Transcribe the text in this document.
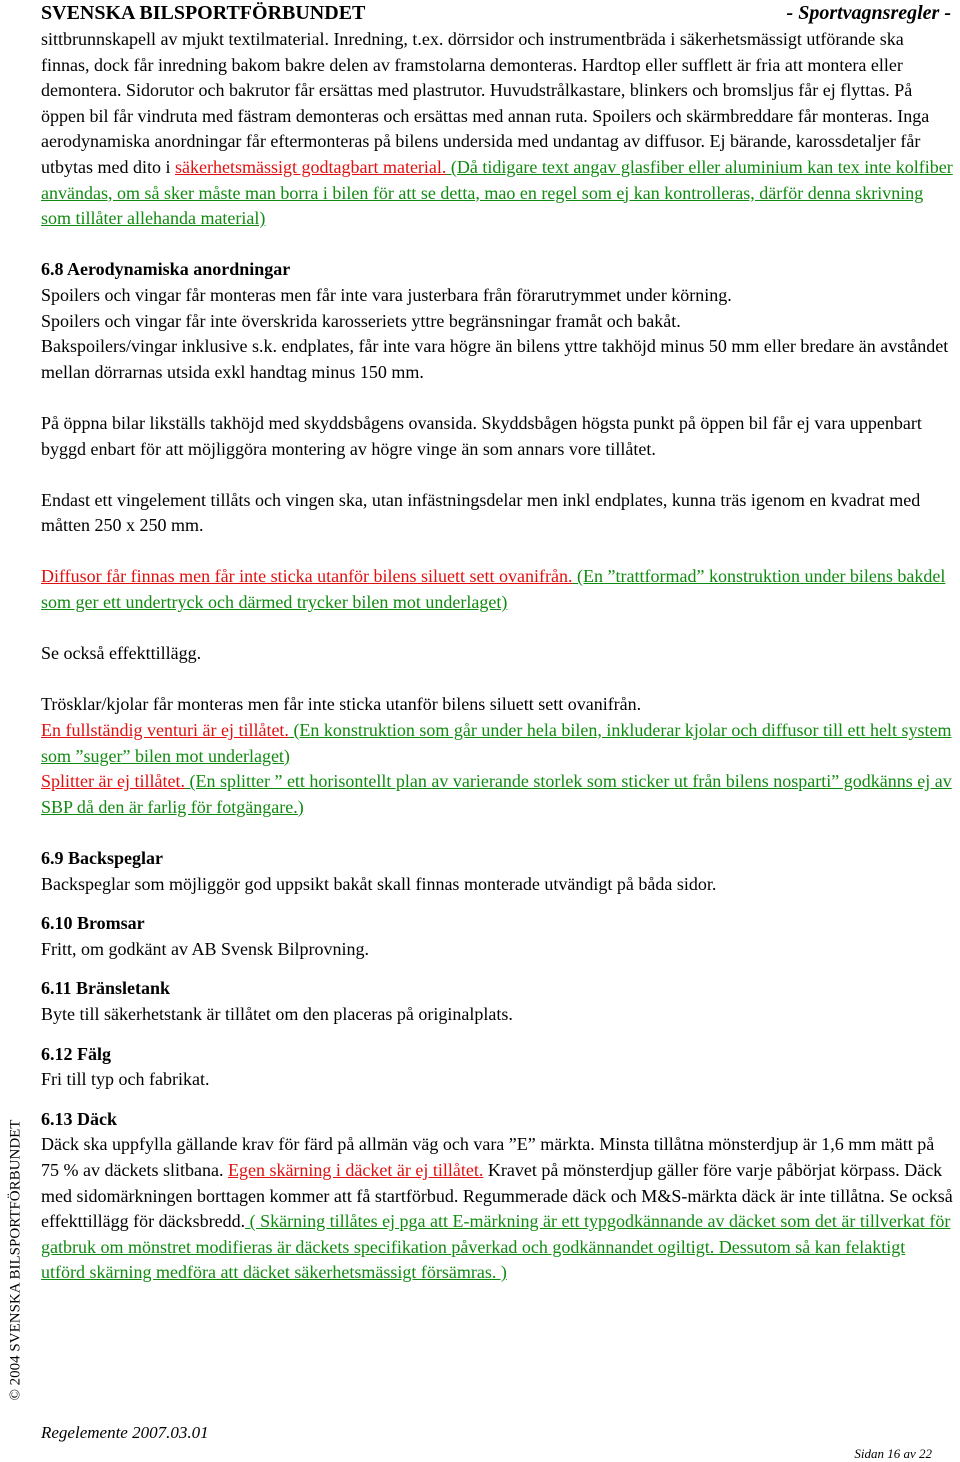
SVENSKA BILSPORTFÖRBUNDET	- Sportvagnsregler -

sittbrunnskapell av mjukt textilmaterial. Inredning, t.ex. dörrsidor och instrumentbräda i säkerhetsmässigt utförande ska finnas, dock får inredning bakom bakre delen av framstolarna demonteras. Hardtop eller sufflett är fria att montera eller demontera. Sidorutor och bakrutor får ersättas med plastrutor. Huvudstrålkastare, blinkers och bromsljus får ej flyttas. På öppen bil får vindruta med fästram demonteras och ersättas med annan ruta. Spoilers och skärmbreddare får monteras. Inga aerodynamiska anordningar får eftermonteras på bilens undersida med undantag av diffusor. Ej bärande, karossdetaljer får utbytas med dito i säkerhetsmässigt godtagbart material. (Då tidigare text angav glasfiber eller aluminium kan tex inte kolfiber användas, om så sker måste man borra i bilen för att se detta, mao en regel som ej kan kontrolleras, därför denna skrivning som tillåter allehanda material)

6.8 Aerodynamiska anordningar

Spoilers och vingar får monteras men får inte vara justerbara från förarutrymmet under körning.

Spoilers och vingar får inte överskrida karosseriets yttre begränsningar framåt och bakåt.

Bakspoilers/vingar inklusive s.k. endplates, får inte vara högre än bilens yttre takhöjd minus 50 mm eller bredare än avståndet mellan dörrarnas utsida exkl handtag minus 150 mm.

På öppna bilar likställs takhöjd med skyddsbågens ovansida. Skyddsbågen högsta punkt på öppen bil får ej vara uppenbart byggd enbart för att möjliggöra montering av högre vinge än som annars vore tillåtet.

Endast ett vingelement tillåts och vingen ska, utan infästningsdelar men inkl endplates, kunna träs igenom en kvadrat med måtten 250 x 250 mm.

Diffusor får finnas men får inte sticka utanför bilens siluett sett ovanifrån. (En ”trattformad” konstruktion under bilens bakdel som ger ett undertryck och därmed trycker bilen mot underlaget)

Se också effekttillägg.

Trösklar/kjolar får monteras men får inte sticka utanför bilens siluett sett ovanifrån.

En fullständig venturi är ej tillåtet. (En konstruktion som går under hela bilen, inkluderar kjolar och diffusor till ett helt system som ”suger” bilen mot underlaget)

Splitter är ej tillåtet. (En splitter ” ett horisontellt plan av varierande storlek som sticker ut från bilens nosparti” godkänns ej av SBP då den är farlig för fotgängare.)

6.9 Backspeglar

Backspeglar som möjliggör god uppsikt bakåt skall finnas monterade utvändigt på båda sidor.

6.10 Bromsar

Fritt, om godkänt av AB Svensk Bilprovning.

6.11 Bränsletank

Byte till säkerhetstank är tillåtet om den placeras på originalplats.

6.12 Fälg

Fri till typ och fabrikat.

6.13 Däck

Däck ska uppfylla gällande krav för färd på allmän väg och vara ”E” märkta. Minsta tillåtna mönsterdjup är 1,6 mm mätt på 75 % av däckets slitbana. Egen skärning i däcket är ej tillåtet. Kravet på mönsterdjup gäller före varje påbörjat körpass. Däck med sidomärkningen borttagen kommer att få startförbud. Regummerade däck och M&S-märkta däck är inte tillåtna. Se också effekttillägg för däcksbredd. ( Skärning tillåtes ej pga att E-märkning är ett typgodkännande av däcket som det är tillverkat för gatbruk om mönstret modifieras är däckets specifikation påverkad och godkännandet ogiltigt. Dessutom så kan felaktigt utförd skärning medföra att däcket säkerhetsmässigt försämras. )

© 2004 SVENSKA BILSPORTFÖRBUNDET
Regelemente 2007.03.01
Sidan 16 av 22
